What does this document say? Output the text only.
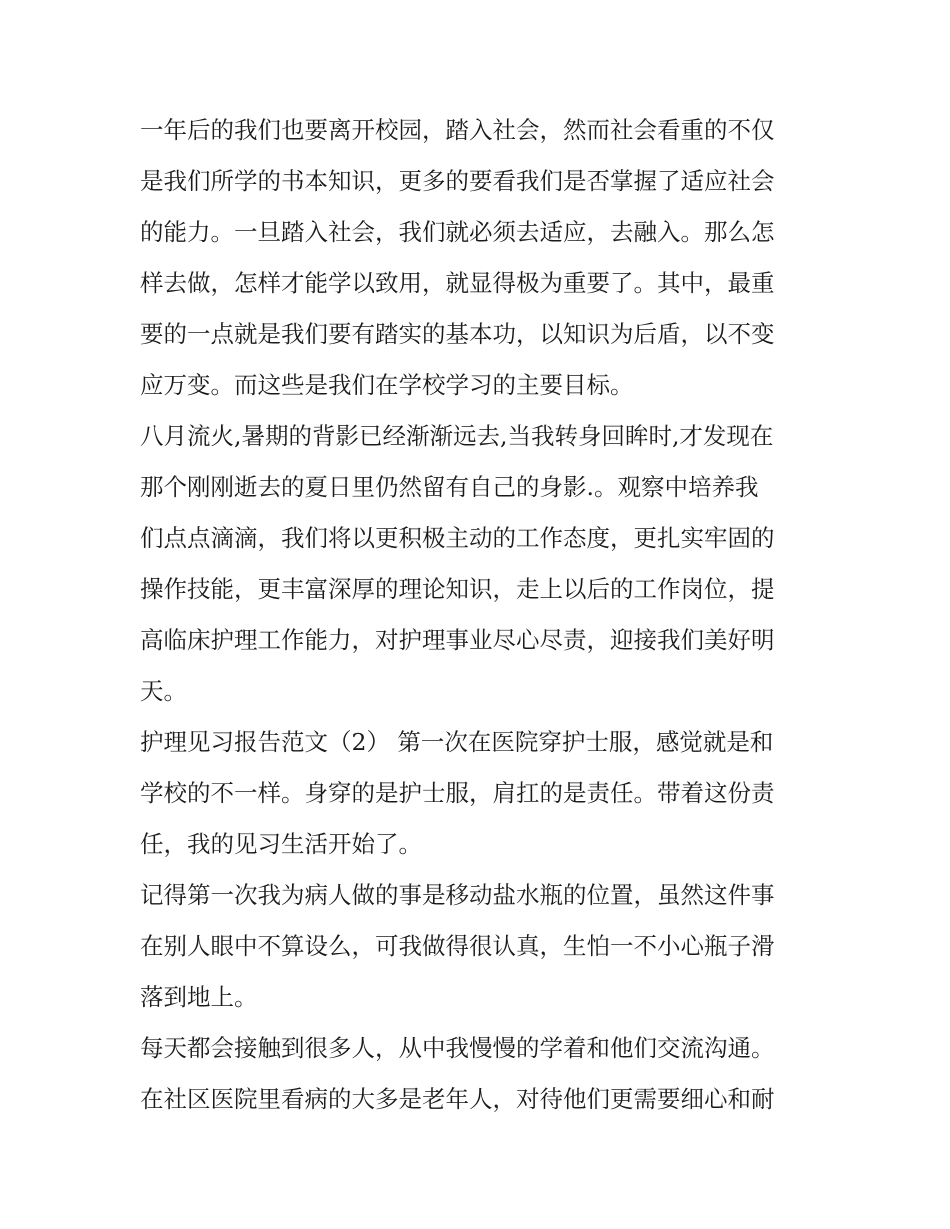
一年后的我们也要离开校园，踏入社会，然而社会看重的不仅
是我们所学的书本知识，更多的要看我们是否掌握了适应社会
的能力。一旦踏入社会，我们就必须去适应，去融入。那么怎
样去做，怎样才能学以致用，就显得极为重要了。其中，最重
要的一点就是我们要有踏实的基本功，以知识为后盾，以不变
应万变。而这些是我们在学校学习的主要目标。
八月流火,暑期的背影已经渐渐远去,当我转身回眸时,才发现在
那个刚刚逝去的夏日里仍然留有自己的身影.。观察中培养我
们点点滴滴，我们将以更积极主动的工作态度，更扎实牢固的
操作技能，更丰富深厚的理论知识，走上以后的工作岗位，提
高临床护理工作能力，对护理事业尽心尽责，迎接我们美好明
天。
护理见习报告范文（2） 第一次在医院穿护士服，感觉就是和
学校的不一样。身穿的是护士服，肩扛的是责任。带着这份责
任，我的见习生活开始了。
记得第一次我为病人做的事是移动盐水瓶的位置，虽然这件事
在别人眼中不算设么，可我做得很认真，生怕一不小心瓶子滑
落到地上。
每天都会接触到很多人，从中我慢慢的学着和他们交流沟通。
在社区医院里看病的大多是老年人，对待他们更需要细心和耐
